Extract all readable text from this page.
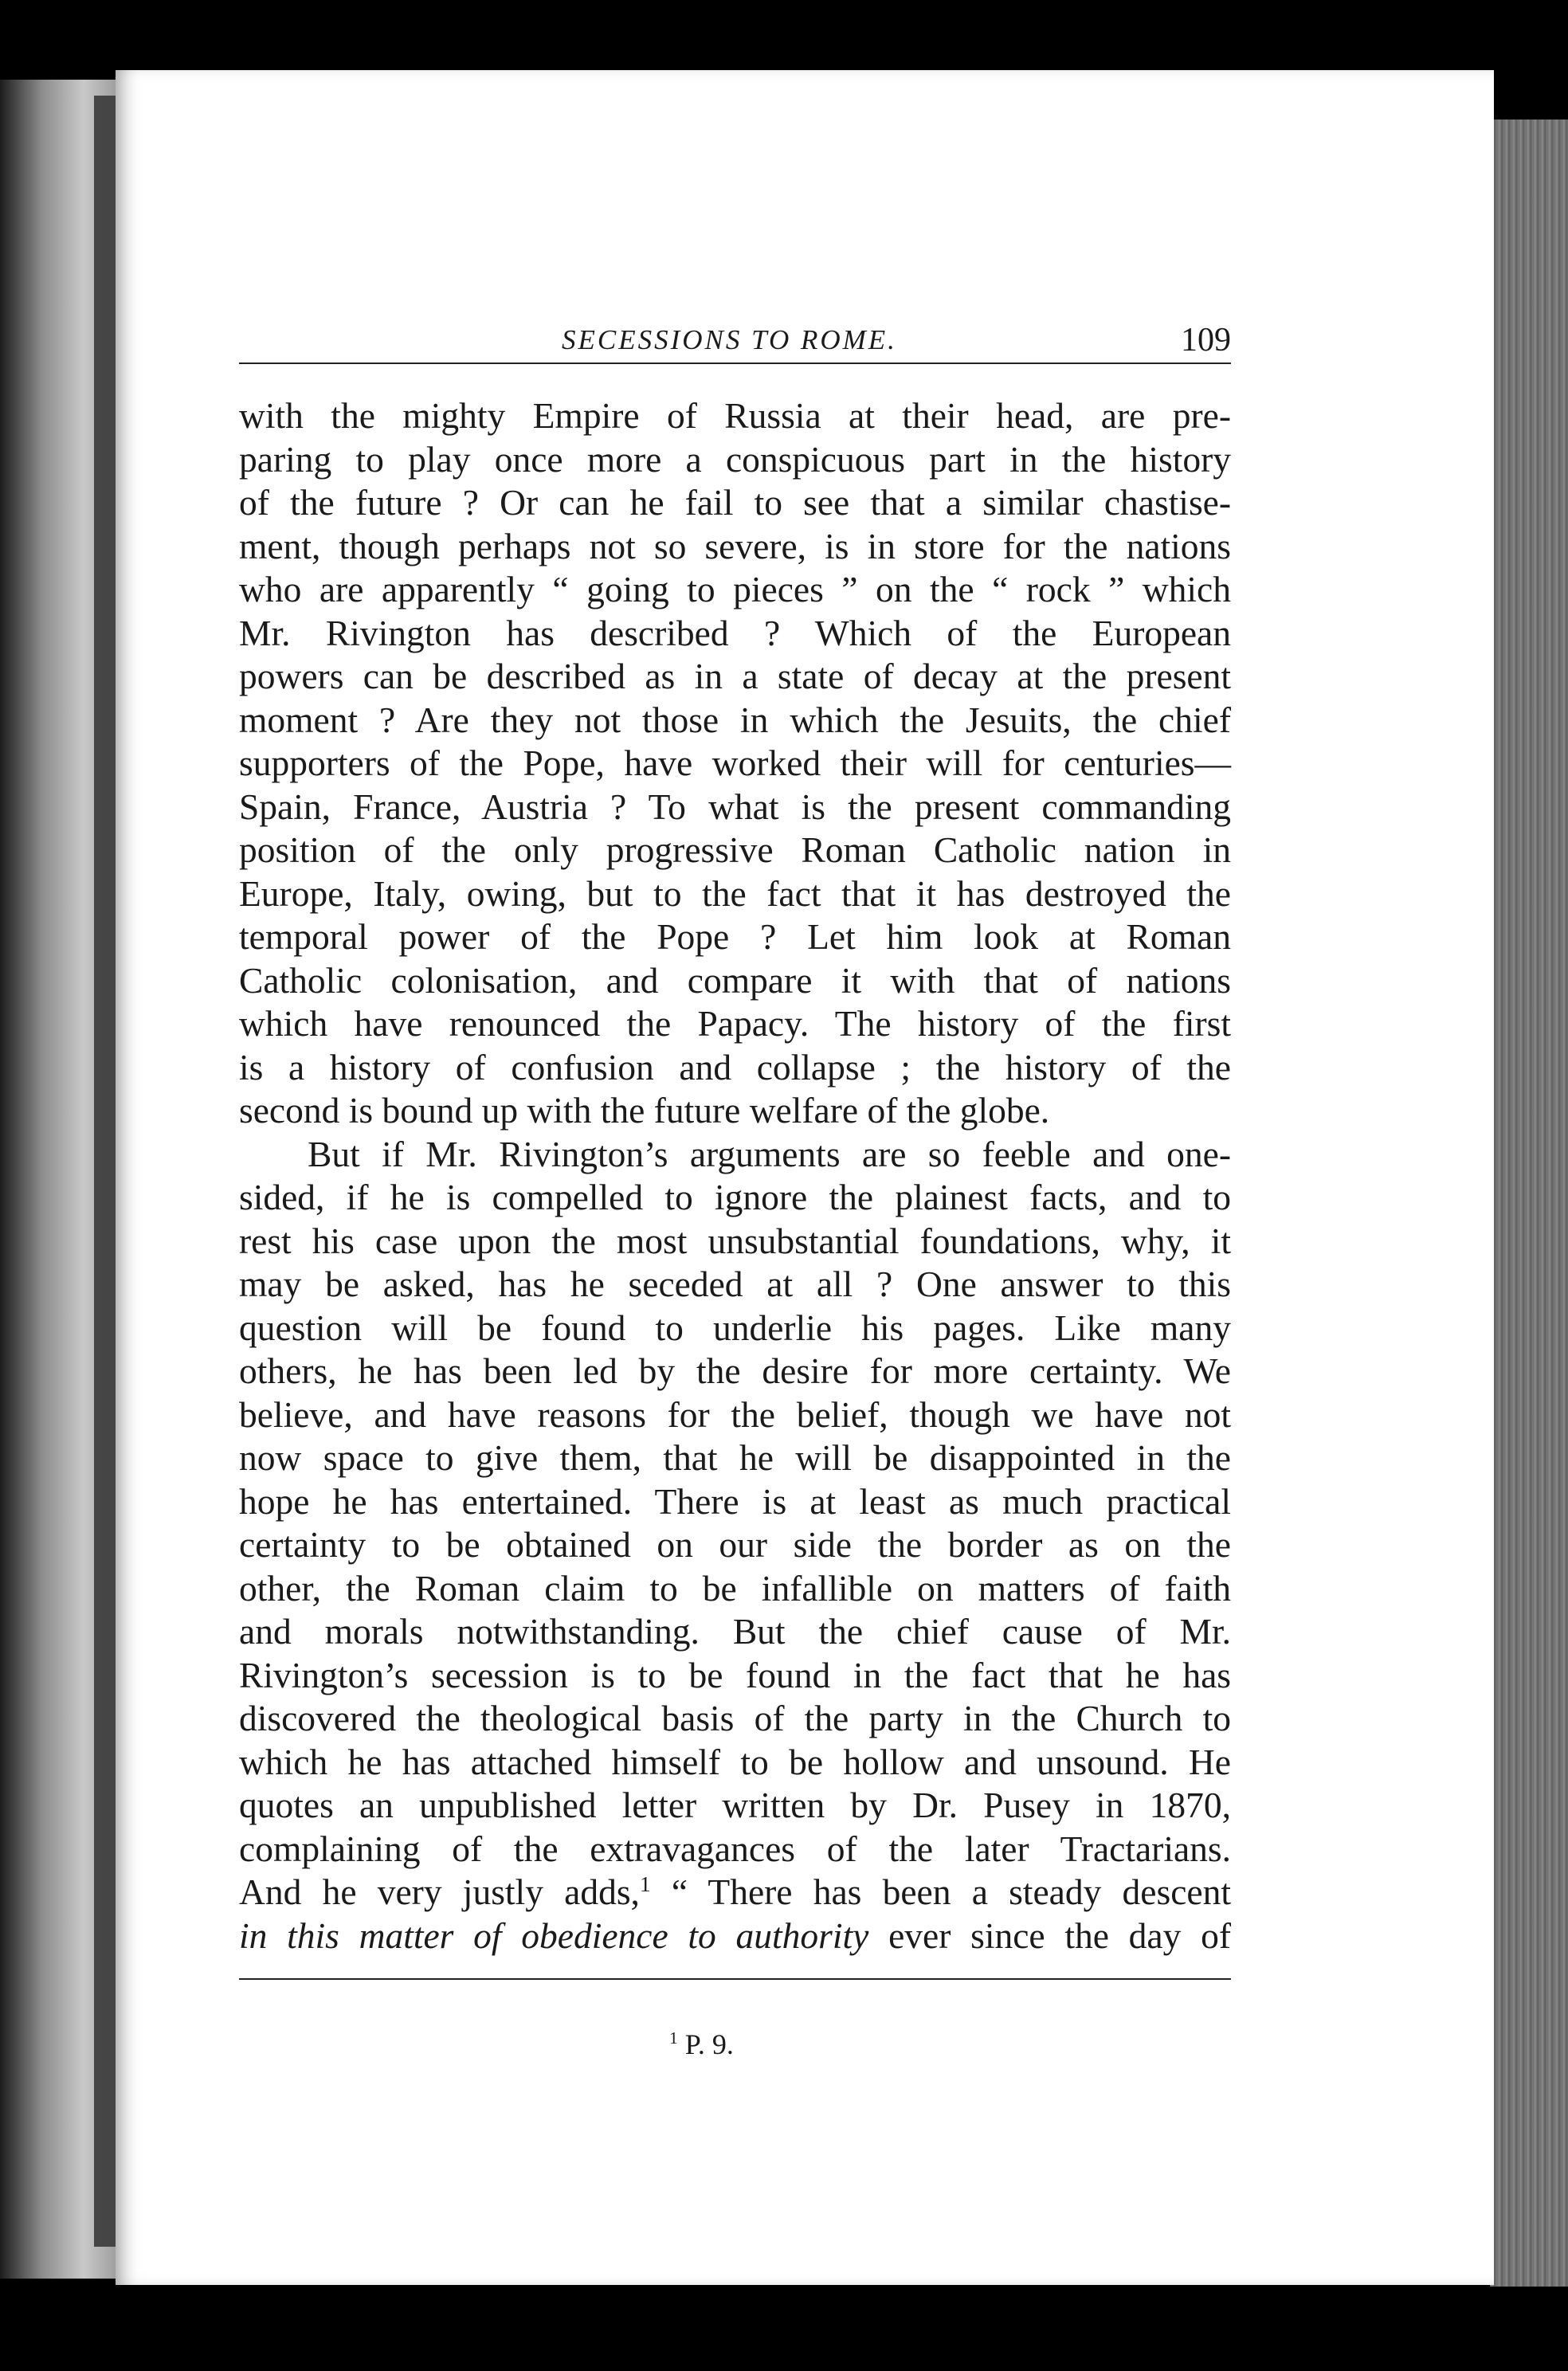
SECESSIONS TO ROME.	109

with the mighty Empire of Russia at their head, are pre-
paring to play once more a conspicuous part in the history
of the future ? Or can he fail to see that a similar chastise-
ment, though perhaps not so severe, is in store for the nations
who are apparently “ going to pieces ” on the “ rock ” which
Mr. Rivington has described ? Which of the European
powers can be described as in a state of decay at the present
moment ? Are they not those in which the Jesuits, the chief
supporters of the Pope, have worked their will for centuries—
Spain, France, Austria ? To what is the present commanding
position of the only progressive Roman Catholic nation in
Europe, Italy, owing, but to the fact that it has destroyed the
temporal power of the Pope ? Let him look at Roman
Catholic colonisation, and compare it with that of nations
which have renounced the Papacy. The history of the first
is a history of confusion and collapse ; the history of the
second is bound up with the future welfare of the globe.

But if Mr. Rivington’s arguments are so feeble and one-
sided, if he is compelled to ignore the plainest facts, and to
rest his case upon the most unsubstantial foundations, why, it
may be asked, has he seceded at all ? One answer to this
question will be found to underlie his pages. Like many
others, he has been led by the desire for more certainty. We
believe, and have reasons for the belief, though we have not
now space to give them, that he will be disappointed in the
hope he has entertained. There is at least as much practical
certainty to be obtained on our side the border as on the
other, the Roman claim to be infallible on matters of faith
and morals notwithstanding. But the chief cause of Mr.
Rivington’s secession is to be found in the fact that he has
discovered the theological basis of the party in the Church to
which he has attached himself to be hollow and unsound. He
quotes an unpublished letter written by Dr. Pusey in 1870,
complaining of the extravagances of the later Tractarians.
And he very justly adds,$^1$ “ There has been a steady descent
in this matter of obedience to authority ever since the day of

$^1$ P. 9.
